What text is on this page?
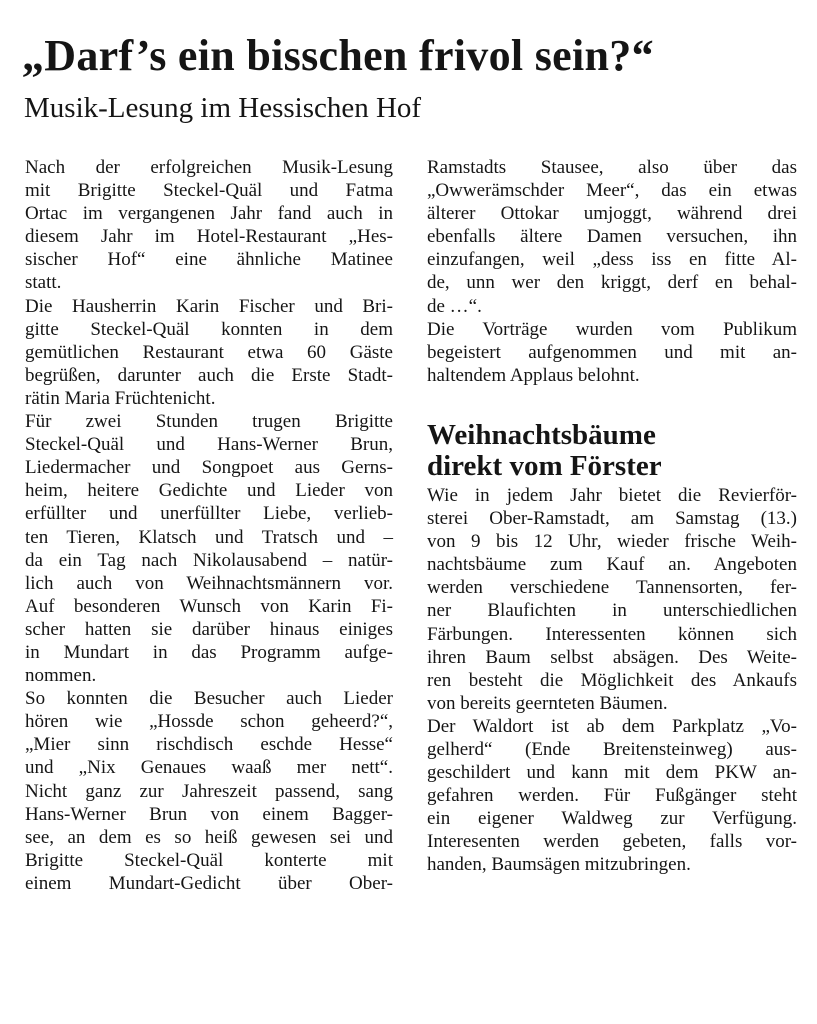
„Darf’s ein bisschen frivol sein?“
Musik-Lesung im Hessischen Hof
Nach der erfolgreichen Musik-Lesung
mit Brigitte Steckel-Quäl und Fatma
Ortac im vergangenen Jahr fand auch in
diesem Jahr im Hotel-Restaurant „Hes-
sischer Hof“ eine ähnliche Matinee
statt.
Die Hausherrin Karin Fischer und Bri-
gitte Steckel-Quäl konnten in dem
gemütlichen Restaurant etwa 60 Gäste
begrüßen, darunter auch die Erste Stadt-
rätin Maria Früchtenicht.
Für zwei Stunden trugen Brigitte
Steckel-Quäl und Hans-Werner Brun,
Liedermacher und Songpoet aus Gerns-
heim, heitere Gedichte und Lieder von
erfüllter und unerfüllter Liebe, verlieb-
ten Tieren, Klatsch und Tratsch und –
da ein Tag nach Nikolausabend – natür-
lich auch von Weihnachtsmännern vor.
Auf besonderen Wunsch von Karin Fi-
scher hatten sie darüber hinaus einiges
in Mundart in das Programm aufge-
nommen.
So konnten die Besucher auch Lieder
hören wie „Hossde schon geheerd?“,
„Mier sinn rischdisch eschde Hesse“
und „Nix Genaues waaß mer nett“.
Nicht ganz zur Jahreszeit passend, sang
Hans-Werner Brun von einem Bagger-
see, an dem es so heiß gewesen sei und
Brigitte Steckel-Quäl konterte mit
einem Mundart-Gedicht über Ober-
Ramstadts Stausee, also über das
„Owwerämschder Meer“, das ein etwas
älterer Ottokar umjoggt, während drei
ebenfalls ältere Damen versuchen, ihn
einzufangen, weil „dess iss en fitte Al-
de, unn wer den kriggt, derf en behal-
de …“.
Die Vorträge wurden vom Publikum
begeistert aufgenommen und mit an-
haltendem Applaus belohnt.
Weihnachtsbäume
direkt vom Förster
Wie in jedem Jahr bietet die Revierför-
sterei Ober-Ramstadt, am Samstag (13.)
von 9 bis 12 Uhr, wieder frische Weih-
nachtsbäume zum Kauf an. Angeboten
werden verschiedene Tannensorten, fer-
ner Blaufichten in unterschiedlichen
Färbungen. Interessenten können sich
ihren Baum selbst absägen. Des Weite-
ren besteht die Möglichkeit des Ankaufs
von bereits geernteten Bäumen.
Der Waldort ist ab dem Parkplatz „Vo-
gelherd“ (Ende Breitensteinweg) aus-
geschildert und kann mit dem PKW an-
gefahren werden. Für Fußgänger steht
ein eigener Waldweg zur Verfügung.
Interesenten werden gebeten, falls vor-
handen, Baumsägen mitzubringen.
